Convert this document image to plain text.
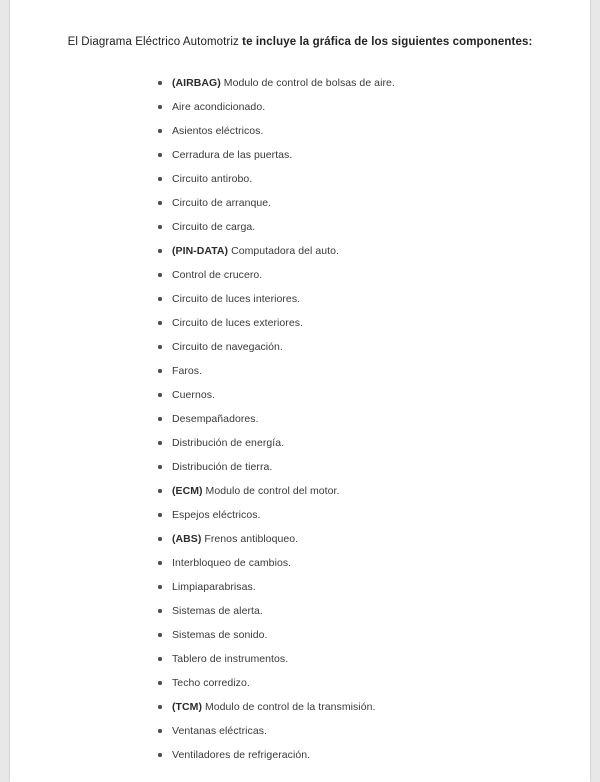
El Diagrama Eléctrico Automotriz te incluye la gráfica de los siguientes componentes:

(AIRBAG) Modulo de control de bolsas de aire.
Aire acondicionado.
Asientos eléctricos.
Cerradura de las puertas.
Circuito antirobo.
Circuito de arranque.
Circuito de carga.
(PIN-DATA) Computadora del auto.
Control de crucero.
Circuito de luces interiores.
Circuito de luces exteriores.
Circuito de navegación.
Faros.
Cuernos.
Desempañadores.
Distribución de energía.
Distribución de tierra.
(ECM) Modulo de control del motor.
Espejos eléctricos.
(ABS) Frenos antibloqueo.
Interbloqueo de cambios.
Limpiaparabrisas.
Sistemas de alerta.
Sistemas de sonido.
Tablero de instrumentos.
Techo corredizo.
(TCM) Modulo de control de la transmisión.
Ventanas eléctricas.
Ventiladores de refrigeración.
